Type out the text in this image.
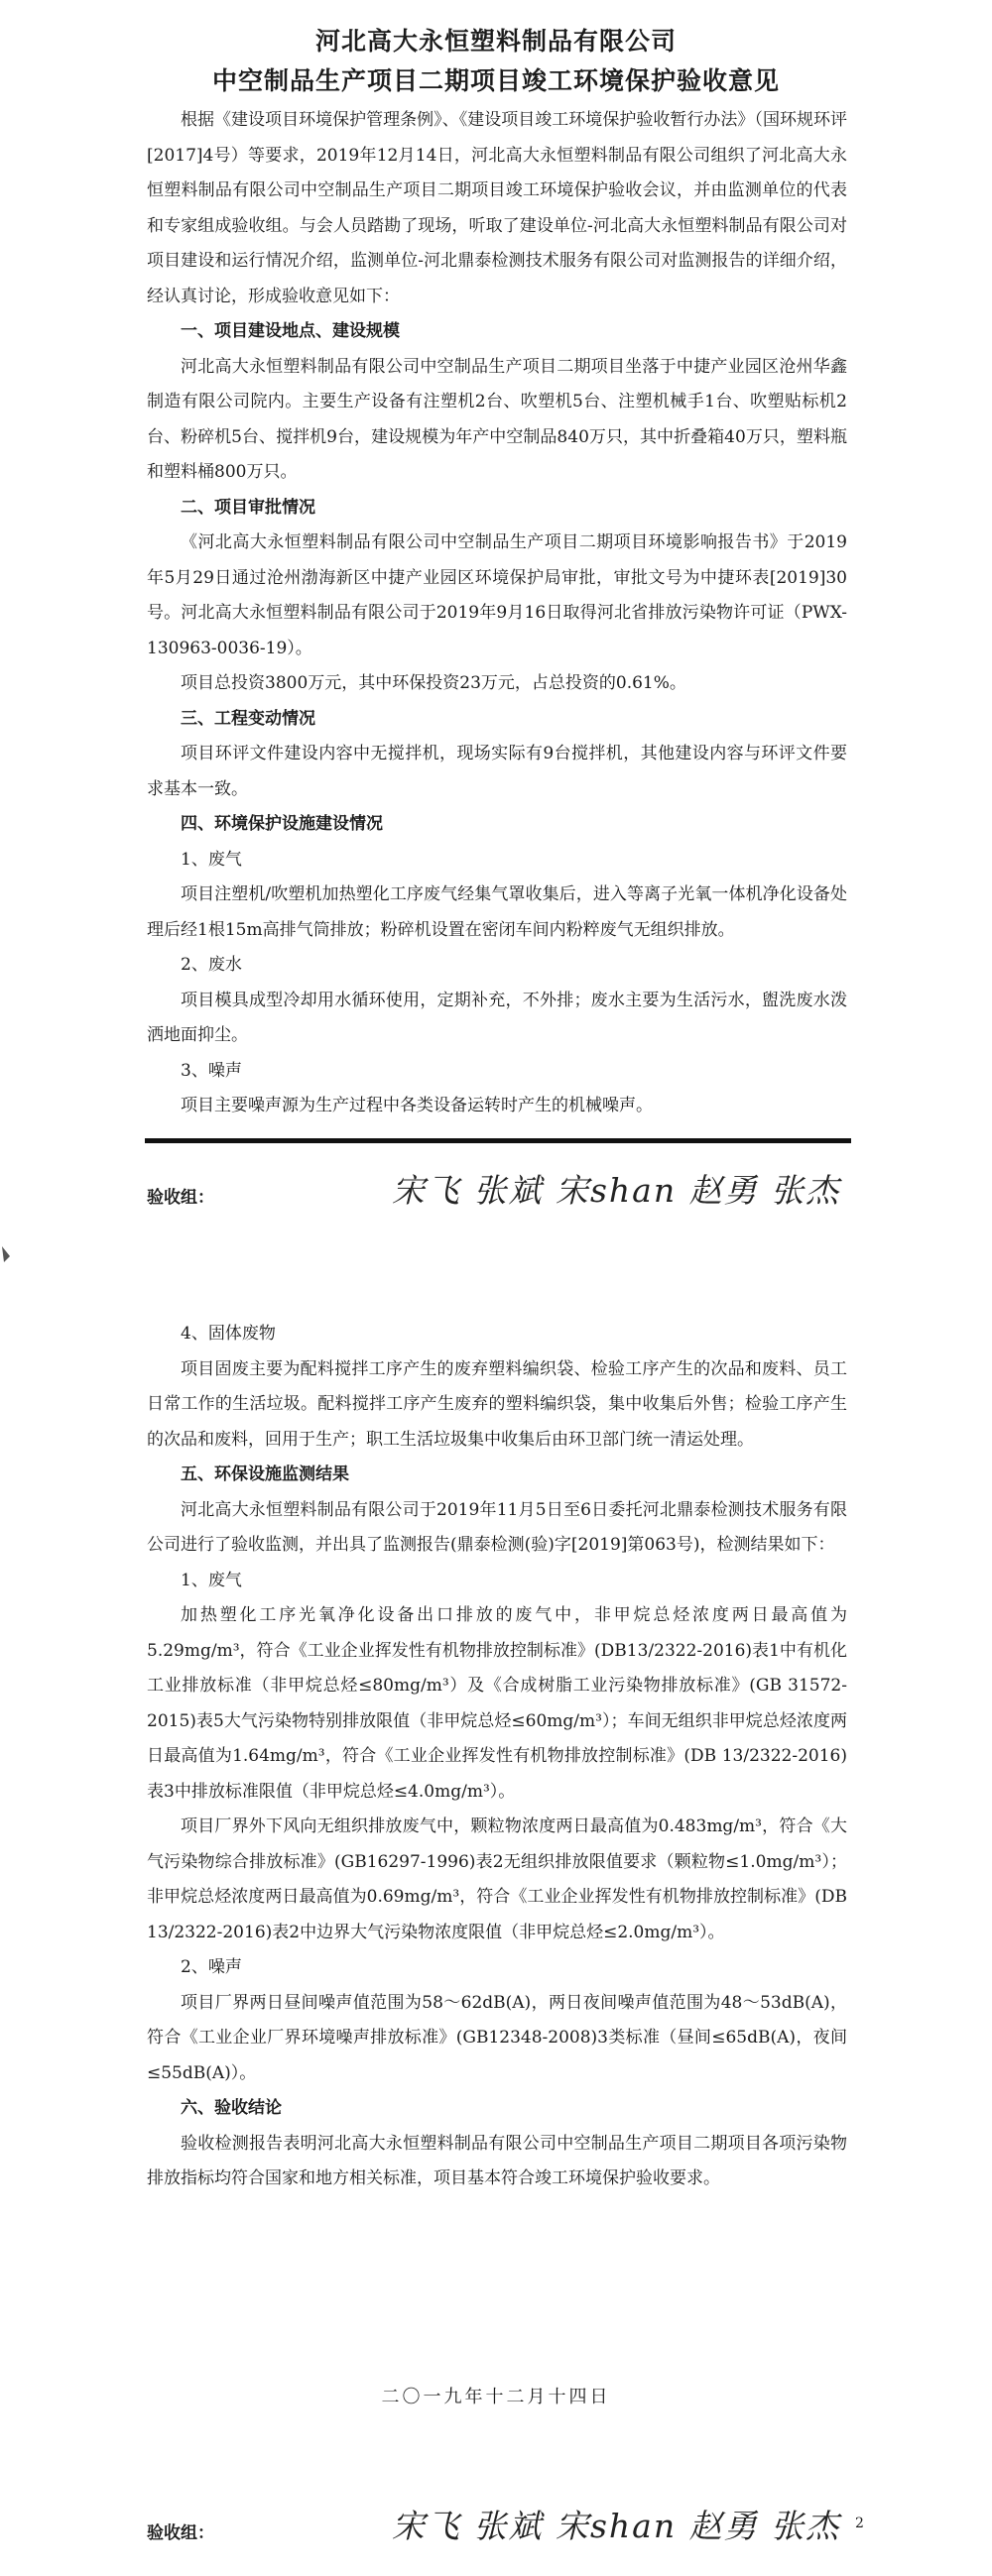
河北高大永恒塑料制品有限公司
中空制品生产项目二期项目竣工环境保护验收意见

根据《建设项目环境保护管理条例》、《建设项目竣工环境保护验收暂行办法》（国环规环评[2017]4号）等要求，2019年12月14日，河北高大永恒塑料制品有限公司组织了河北高大永恒塑料制品有限公司中空制品生产项目二期项目竣工环境保护验收会议，并由监测单位的代表和专家组成验收组。与会人员踏勘了现场，听取了建设单位-河北高大永恒塑料制品有限公司对项目建设和运行情况介绍，监测单位-河北鼎泰检测技术服务有限公司对监测报告的详细介绍，经认真讨论，形成验收意见如下：

一、项目建设地点、建设规模

河北高大永恒塑料制品有限公司中空制品生产项目二期项目坐落于中捷产业园区沧州华鑫制造有限公司院内。主要生产设备有注塑机2台、吹塑机5台、注塑机械手1台、吹塑贴标机2台、粉碎机5台、搅拌机9台，建设规模为年产中空制品840万只，其中折叠箱40万只，塑料瓶和塑料桶800万只。

二、项目审批情况

《河北高大永恒塑料制品有限公司中空制品生产项目二期项目环境影响报告书》于2019年5月29日通过沧州渤海新区中捷产业园区环境保护局审批，审批文号为中捷环表[2019]30号。河北高大永恒塑料制品有限公司于2019年9月16日取得河北省排放污染物许可证（PWX-130963-0036-19）。

项目总投资3800万元，其中环保投资23万元，占总投资的0.61%。

三、工程变动情况

项目环评文件建设内容中无搅拌机，现场实际有9台搅拌机，其他建设内容与环评文件要求基本一致。

四、环境保护设施建设情况
1、废气

项目注塑机/吹塑机加热塑化工序废气经集气罩收集后，进入等离子光氧一体机净化设备处理后经1根15m高排气筒排放；粉碎机设置在密闭车间内粉粹废气无组织排放。

2、废水

项目模具成型冷却用水循环使用，定期补充，不外排；废水主要为生活污水，盥洗废水泼洒地面抑尘。

3、噪声

项目主要噪声源为生产过程中各类设备运转时产生的机械噪声。

验收组：	宋飞 张斌 宋shan 赵勇 张杰
4、固体废物

项目固废主要为配料搅拌工序产生的废弃塑料编织袋、检验工序产生的次品和废料、员工日常工作的生活垃圾。配料搅拌工序产生废弃的塑料编织袋，集中收集后外售；检验工序产生的次品和废料，回用于生产；职工生活垃圾集中收集后由环卫部门统一清运处理。

五、环保设施监测结果

河北高大永恒塑料制品有限公司于2019年11月5日至6日委托河北鼎泰检测技术服务有限公司进行了验收监测，并出具了监测报告(鼎泰检测(验)字[2019]第063号)，检测结果如下：

1、废气

加热塑化工序光氧净化设备出口排放的废气中，非甲烷总烃浓度两日最高值为5.29mg/m³，符合《工业企业挥发性有机物排放控制标准》(DB13/2322-2016)表1中有机化工业排放标准（非甲烷总烃≤80mg/m³）及《合成树脂工业污染物排放标准》(GB 31572-2015)表5大气污染物特别排放限值（非甲烷总烃≤60mg/m³）；车间无组织非甲烷总烃浓度两日最高值为1.64mg/m³，符合《工业企业挥发性有机物排放控制标准》(DB 13/2322-2016)表3中排放标准限值（非甲烷总烃≤4.0mg/m³）。

项目厂界外下风向无组织排放废气中，颗粒物浓度两日最高值为0.483mg/m³，符合《大气污染物综合排放标准》(GB16297-1996)表2无组织排放限值要求（颗粒物≤1.0mg/m³）；非甲烷总烃浓度两日最高值为0.69mg/m³，符合《工业企业挥发性有机物排放控制标准》(DB 13/2322-2016)表2中边界大气污染物浓度限值（非甲烷总烃≤2.0mg/m³）。

2、噪声

项目厂界两日昼间噪声值范围为58～62dB(A)，两日夜间噪声值范围为48～53dB(A)，符合《工业企业厂界环境噪声排放标准》(GB12348-2008)3类标准（昼间≤65dB(A)，夜间≤55dB(A)）。

六、验收结论

验收检测报告表明河北高大永恒塑料制品有限公司中空制品生产项目二期项目各项污染物排放指标均符合国家和地方相关标准，项目基本符合竣工环境保护验收要求。

二〇一九年十二月十四日
验收组：	宋飞 张斌 宋shan 赵勇 张杰 2
